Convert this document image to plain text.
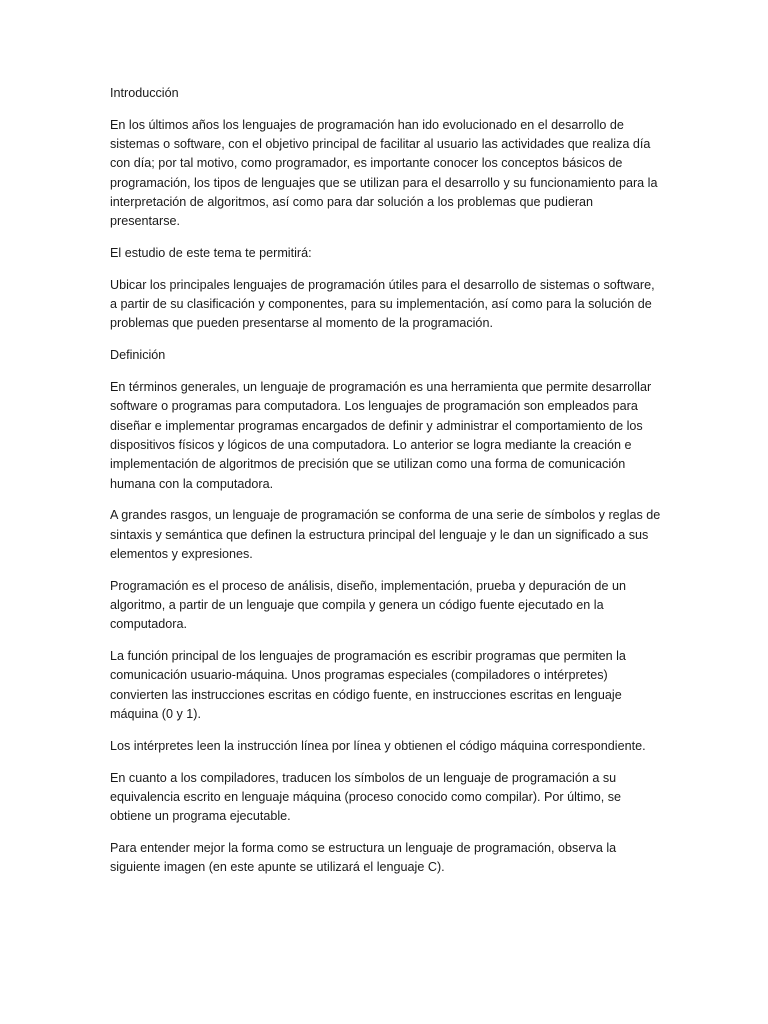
Introducción

En los últimos años los lenguajes de programación han ido evolucionado en el desarrollo de sistemas o software, con el objetivo principal de facilitar al usuario las actividades que realiza día con día; por tal motivo, como programador, es importante conocer los conceptos básicos de programación, los tipos de lenguajes que se utilizan para el desarrollo y su funcionamiento para la interpretación de algoritmos, así como para dar solución a los problemas que pudieran presentarse.

El estudio de este tema te permitirá:

Ubicar los principales lenguajes de programación útiles para el desarrollo de sistemas o software, a partir de su clasificación y componentes, para su implementación, así como para la solución de problemas que pueden presentarse al momento de la programación.

Definición

En términos generales, un lenguaje de programación es una herramienta que permite desarrollar software o programas para computadora. Los lenguajes de programación son empleados para diseñar e implementar programas encargados de definir y administrar el comportamiento de los dispositivos físicos y lógicos de una computadora. Lo anterior se logra mediante la creación e implementación de algoritmos de precisión que se utilizan como una forma de comunicación humana con la computadora.

A grandes rasgos, un lenguaje de programación se conforma de una serie de símbolos y reglas de sintaxis y semántica que definen la estructura principal del lenguaje y le dan un significado a sus elementos y expresiones.

Programación es el proceso de análisis, diseño, implementación, prueba y depuración de un algoritmo, a partir de un lenguaje que compila y genera un código fuente ejecutado en la computadora.

La función principal de los lenguajes de programación es escribir programas que permiten la comunicación usuario-máquina. Unos programas especiales (compiladores o intérpretes) convierten las instrucciones escritas en código fuente, en instrucciones escritas en lenguaje máquina (0 y 1).

Los intérpretes leen la instrucción línea por línea y obtienen el código máquina correspondiente.

En cuanto a los compiladores, traducen los símbolos de un lenguaje de programación a su equivalencia escrito en lenguaje máquina (proceso conocido como compilar). Por último, se obtiene un programa ejecutable.

Para entender mejor la forma como se estructura un lenguaje de programación, observa la siguiente imagen (en este apunte se utilizará el lenguaje C).
